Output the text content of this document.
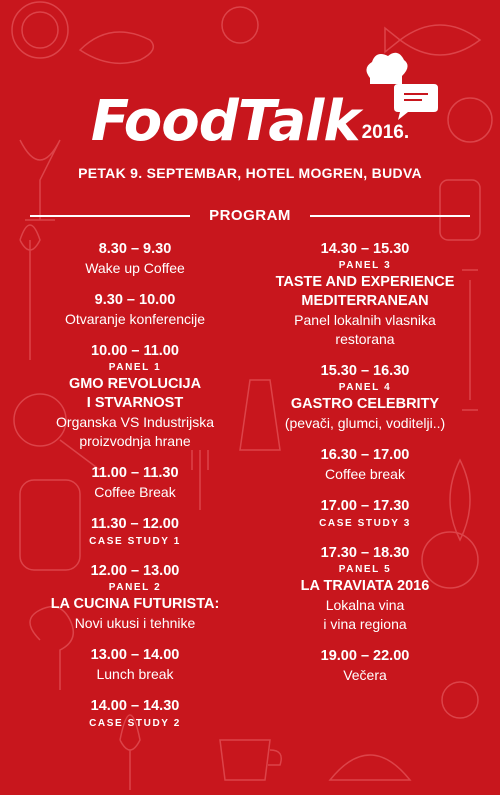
FoodTalk 2016.
PETAK 9. SEPTEMBAR, HOTEL MOGREN, BUDVA
PROGRAM
8.30 – 9.30
Wake up Coffee
9.30 – 10.00
Otvaranje konferencije
10.00 – 11.00
PANEL 1
GMO REVOLUCIJA
I STVARNOST
Organska VS Industrijska
proizvodnja hrane
11.00 – 11.30
Coffee Break
11.30 – 12.00
CASE STUDY 1
12.00 – 13.00
PANEL 2
LA CUCINA FUTURISTA:
Novi ukusi i tehnike
13.00 – 14.00
Lunch break
14.00 – 14.30
CASE STUDY 2
14.30 – 15.30
PANEL 3
TASTE AND EXPERIENCE
MEDITERRANEAN
Panel lokalnih vlasnika
restorana
15.30 – 16.30
PANEL 4
GASTRO CELEBRITY
(pevači, glumci, voditelji..)
16.30 – 17.00
Coffee break
17.00 – 17.30
CASE STUDY 3
17.30 – 18.30
PANEL 5
LA TRAVIATA 2016
Lokalna vina
i vina regiona
19.00 – 22.00
Večera
